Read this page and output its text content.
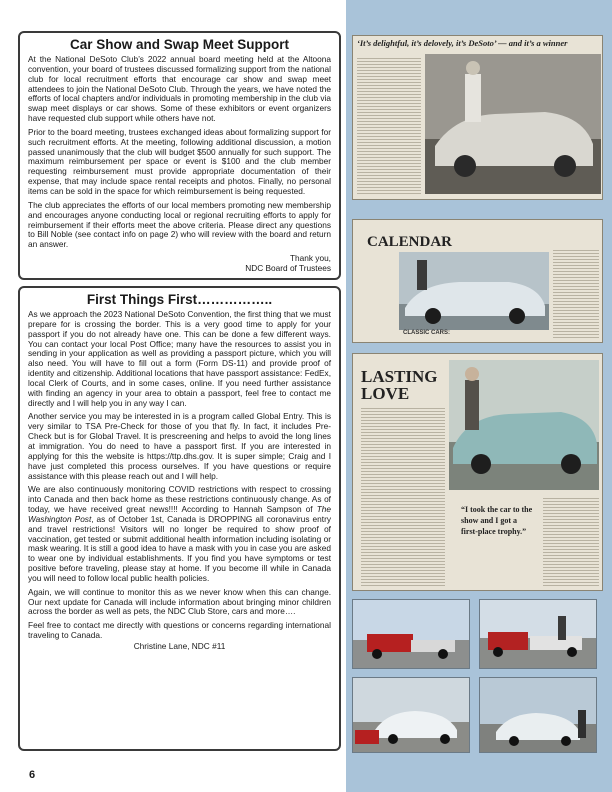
‘It’s delightful, it’s delovely, it’s DeSoto’ — and it’s a winner
CALENDAR
CLASSIC CARS:
LASTING
LOVE
“I took the car to the
show and I got a
first-place trophy.”
Car Show and Swap Meet Support

At the National DeSoto Club’s 2022 annual board meeting held at the Altoona convention, your board of trustees discussed formalizing support from the national club for local recruitment efforts that encourage car show and swap meet attendees to join the National DeSoto Club. Through the years, we have noted the efforts of local chapters and/or individuals in promoting membership in the club via swap meet displays or car shows. Some of these exhibitors or event organizers have requested club support while others have not.

Prior to the board meeting, trustees exchanged ideas about formalizing support for such recruitment efforts. At the meeting, following additional discussion, a motion passed unanimously that the club will budget $500 annually for such support. The maximum reimbursement per space or event is $100 and the club member requesting reimbursement must provide appropriate documentation of their expense, that may include space rental receipts and photos. Finally, no personal items can be sold in the space for which reimbursement is being requested.

The club appreciates the efforts of our local members promoting new membership and encourages anyone conducting local or regional recruiting efforts to apply for reimbursement if their efforts meet the above criteria. Please direct any questions to Bill Noble (see contact info on page 2) who will review with the board and return an answer.

Thank you,

NDC Board of Trustees

First Things First……………..

As we approach the 2023 National DeSoto Convention, the first thing that we must prepare for is crossing the border. This is a very good time to apply for your passport if you do not already have one. This can be done a few different ways. You can contact your local Post Office; many have the resources to assist you in sending in your application as well as providing a passport picture, which you will also need. You will have to fill out a form (Form DS-11) and provide proof of identity and citizenship. Additional locations that have passport assistance: FedEx, local Clerk of Courts, and in some cases, online. If you need further assistance with finding an agency in your area to obtain a passport, feel free to contact me directly and I will help you in any way I can.

Another service you may be interested in is a program called Global Entry. This is very similar to TSA Pre-Check for those of you that fly. In fact, it includes Pre-Check but is for Global Travel. It is prescreening and helps to avoid the long lines at immigration. You do need to have a passport first. If you are interested in applying for this the website is https://ttp.dhs.gov. It is super simple; Craig and I have just completed this process ourselves. If you have questions or require assistance with this please reach out and I will help.

We are also continuously monitoring COVID restrictions with respect to crossing into Canada and then back home as these restrictions continuously change. As of today, we have received great news!!!! According to Hannah Sampson of The Washington Post, as of October 1st, Canada is DROPPING all coronavirus entry and travel restrictions! Visitors will no longer be required to show proof of vaccination, get tested or submit additional health information including isolating or mask wearing. It is still a good idea to have a mask with you in case you are asked to wear one by individual establishments. If you find you have symptoms or test positive before traveling, please stay at home. If you become ill while in Canada you will need to follow local public health policies.

Again, we will continue to monitor this as we never know when this can change. Our next update for Canada will include information about bringing minor children across the border as well as pets, the NDC Club Store, cars and more….

Feel free to contact me directly with questions or concerns regarding international traveling to Canada.

Christine Lane, NDC #11

6
